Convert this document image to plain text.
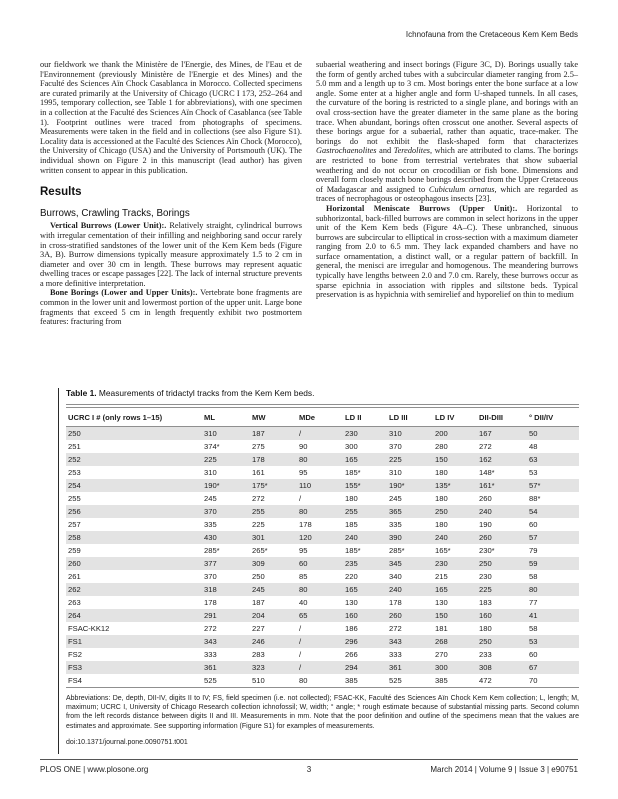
Ichnofauna from the Cretaceous Kem Kem Beds

our fieldwork we thank the Ministère de l'Energie, des Mines, de l'Eau et de l'Environnement (previously Ministère de l'Energie et des Mines) and the Faculté des Sciences Aïn Chock Casablanca in Morocco. Collected specimens are curated primarily at the University of Chicago (UCRC I 173, 252–264 and 1995, temporary collection, see Table 1 for abbreviations), with one specimen in a collection at the Faculté des Sciences Aïn Chock of Casablanca (see Table 1). Footprint outlines were traced from photographs of specimens. Measurements were taken in the field and in collections (see also Figure S1). Locality data is accessioned at the Faculté des Sciences Aïn Chock (Morocco), the University of Chicago (USA) and the University of Portsmouth (UK). The individual shown on Figure 2 in this manuscript (lead author) has given written consent to appear in this publication.

Results
Burrows, Crawling Tracks, Borings

Vertical Burrows (Lower Unit):. Relatively straight, cylindrical burrows with irregular cementation of their infilling and neighboring sand occur rarely in cross-stratified sandstones of the lower unit of the Kem Kem beds (Figure 3A, B). Burrow dimensions typically measure approximately 1.5 to 2 cm in diameter and over 30 cm in length. These burrows may represent aquatic dwelling traces or escape passages [22]. The lack of internal structure prevents a more definitive interpretation.

Bone Borings (Lower and Upper Units):. Vertebrate bone fragments are common in the lower unit and lowermost portion of the upper unit. Large bone fragments that exceed 5 cm in length frequently exhibit two postmortem features: fracturing from

subaerial weathering and insect borings (Figure 3C, D). Borings usually take the form of gently arched tubes with a subcircular diameter ranging from 2.5–5.0 mm and a length up to 3 cm. Most borings enter the bone surface at a low angle. Some enter at a higher angle and form U-shaped tunnels. In all cases, the curvature of the boring is restricted to a single plane, and borings with an oval cross-section have the greater diameter in the same plane as the boring trace. When abundant, borings often crosscut one another. Several aspects of these borings argue for a subaerial, rather than aquatic, trace-maker. The borings do not exhibit the flask-shaped form that characterizes Gastrochaenolites and Teredolites, which are attributed to clams. The borings are restricted to bone from terrestrial vertebrates that show subaerial weathering and do not occur on crocodilian or fish bone. Dimensions and overall form closely match bone borings described from the Upper Cretaceous of Madagascar and assigned to Cubiculum ornatus, which are regarded as traces of necrophagous or osteophagous insects [23].

Horizontal Meniscate Burrows (Upper Unit):. Horizontal to subhorizontal, back-filled burrows are common in select horizons in the upper unit of the Kem Kem beds (Figure 4A–C). These unbranched, sinuous burrows are subcircular to elliptical in cross-section with a maximum diameter ranging from 2.0 to 6.5 mm. They lack expanded chambers and have no surface ornamentation, a distinct wall, or a regular pattern of backfill. In general, the menisci are irregular and homogenous. The meandering burrows typically have lengths between 2.0 and 7.0 cm. Rarely, these burrows occur as sparse epichnia in association with ripples and siltstone beds. Typical preservation is as hypichnia with semirelief and hyporelief on thin to medium

Table 1. Measurements of tridactyl tracks from the Kem Kem beds.

UCRC I # (only rows 1–15)	ML	MW	MDe	LD II	LD III	LD IV	DII-DIII	° DII/IV
250	310	187	/	230	310	200	167	50
251	374*	275	90	300	370	280	272	48
252	225	178	80	165	225	150	162	63
253	310	161	95	185*	310	180	148*	53
254	190*	175*	110	155*	190*	135*	161*	57*
255	245	272	/	180	245	180	260	88*
256	370	255	80	255	365	250	240	54
257	335	225	178	185	335	180	190	60
258	430	301	120	240	390	240	260	57
259	285*	265*	95	185*	285*	165*	230*	79
260	377	309	60	235	345	230	250	59
261	370	250	85	220	340	215	230	58
262	318	245	80	165	240	165	225	80
263	178	187	40	130	178	130	183	77
264	291	204	65	160	260	150	160	41
FSAC-KK12	272	227	/	186	272	181	180	58
FS1	343	246	/	296	343	268	250	53
FS2	333	283	/	266	333	270	233	60
FS3	361	323	/	294	361	300	308	67
FS4	525	510	80	385	525	385	472	70

Abbreviations: De, depth, DII-IV, digits II to IV; FS, field specimen (i.e. not collected); FSAC-KK, Faculté des Sciences Aïn Chock Kem Kem collection; L, length; M, maximum; UCRC I, University of Chicago Research collection ichnofossil; W, width; ° angle; * rough estimate because of substantial missing parts. Second column from the left records distance between digits II and III. Measurements in mm. Note that the poor definition and outline of the specimens mean that the values are estimates and approximate. See supporting information (Figure S1) for examples of measurements.

doi:10.1371/journal.pone.0090751.t001

PLOS ONE | www.plosone.org	3	March 2014 | Volume 9 | Issue 3 | e90751
